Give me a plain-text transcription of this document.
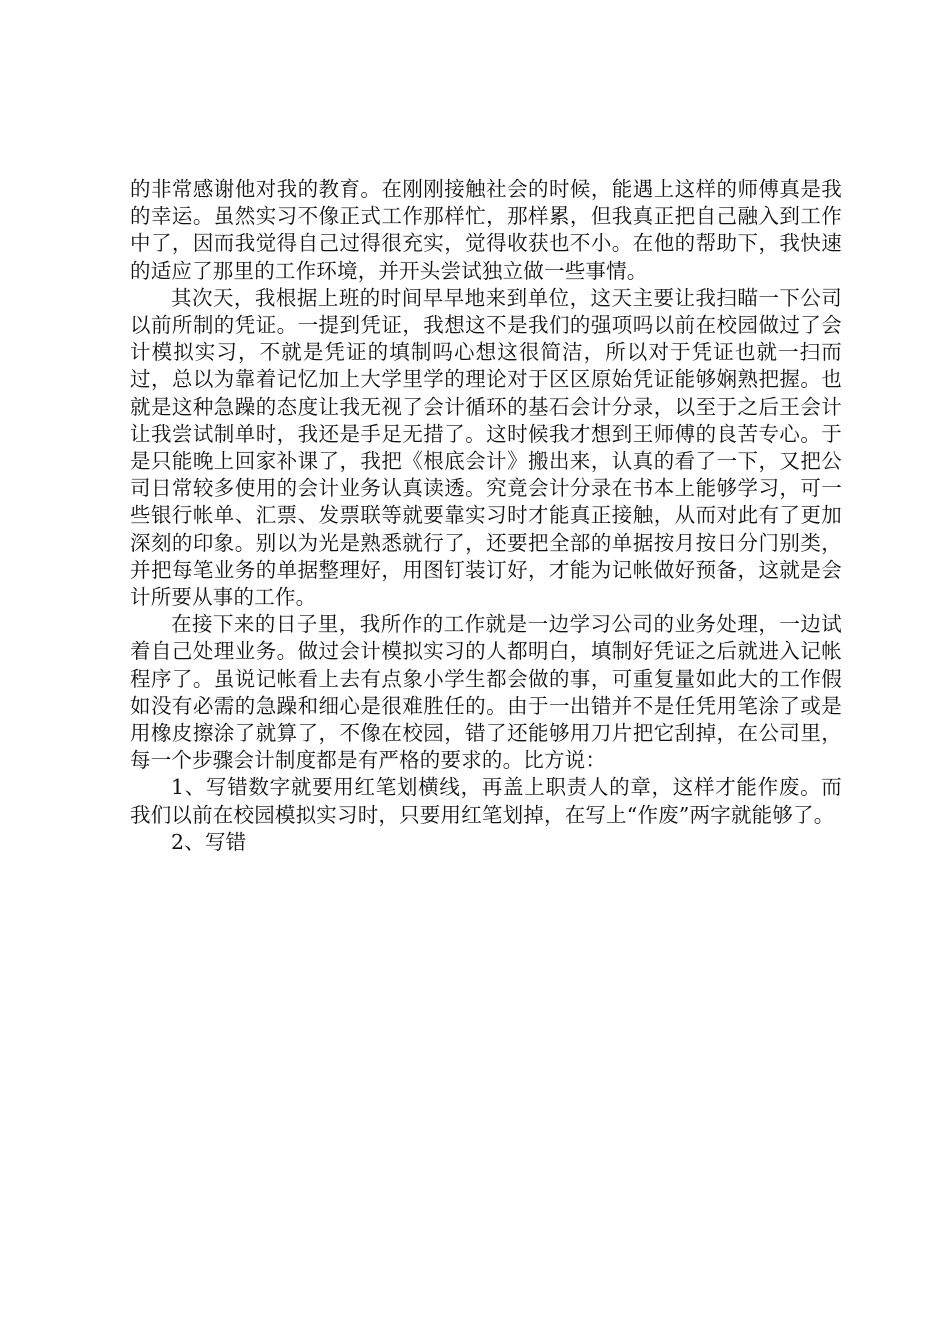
的非常感谢他对我的教育。在刚刚接触社会的时候，能遇上这样的师傅真是我的幸运。虽然实习不像正式工作那样忙，那样累，但我真正把自己融入到工作中了，因而我觉得自己过得很充实，觉得收获也不小。在他的帮助下，我快速的适应了那里的工作环境，并开头尝试独立做一些事情。

其次天，我根据上班的时间早早地来到单位，这天主要让我扫瞄一下公司以前所制的凭证。一提到凭证，我想这不是我们的强项吗以前在校园做过了会计模拟实习，不就是凭证的填制吗心想这很简洁，所以对于凭证也就一扫而过，总以为靠着记忆加上大学里学的理论对于区区原始凭证能够娴熟把握。也就是这种急躁的态度让我无视了会计循环的基石会计分录，以至于之后王会计让我尝试制单时，我还是手足无措了。这时候我才想到王师傅的良苦专心。于是只能晚上回家补课了，我把《根底会计》搬出来，认真的看了一下，又把公司日常较多使用的会计业务认真读透。究竟会计分录在书本上能够学习，可一些银行帐单、汇票、发票联等就要靠实习时才能真正接触，从而对此有了更加深刻的印象。别以为光是熟悉就行了，还要把全部的单据按月按日分门别类，并把每笔业务的单据整理好，用图钉装订好，才能为记帐做好预备，这就是会计所要从事的工作。

在接下来的日子里，我所作的工作就是一边学习公司的业务处理，一边试着自己处理业务。做过会计模拟实习的人都明白，填制好凭证之后就进入记帐程序了。虽说记帐看上去有点象小学生都会做的事，可重复量如此大的工作假如没有必需的急躁和细心是很难胜任的。由于一出错并不是任凭用笔涂了或是用橡皮擦涂了就算了，不像在校园，错了还能够用刀片把它刮掉，在公司里，每一个步骤会计制度都是有严格的要求的。比方说：

1、写错数字就要用红笔划横线，再盖上职责人的章，这样才能作废。而我们以前在校园模拟实习时，只要用红笔划掉，在写上“作废”两字就能够了。

2、写错
